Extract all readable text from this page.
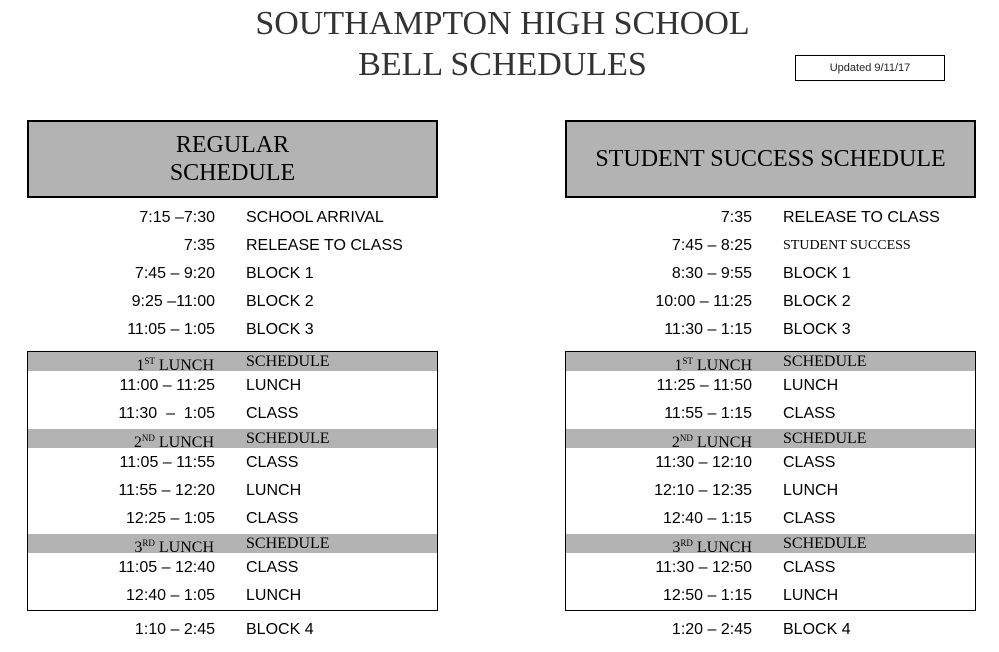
SOUTHAMPTON HIGH SCHOOL
BELL SCHEDULES	Updated 9/11/17
REGULAR
SCHEDULE
STUDENT SUCCESS SCHEDULE
7:15 –7:30 SCHOOL ARRIVAL
7:35 RELEASE TO CLASS
7:45 – 9:20 BLOCK 1
9:25 –11:00 BLOCK 2
11:05 – 1:05 BLOCK 3
1ST LUNCH SCHEDULE
11:00 – 11:25 LUNCH
11:30  –  1:05 CLASS
2ND LUNCH SCHEDULE
11:05 – 11:55 CLASS
11:55 – 12:20 LUNCH
12:25 – 1:05 CLASS
3RD LUNCH SCHEDULE
11:05 – 12:40 CLASS
12:40 – 1:05 LUNCH
1:10 – 2:45 BLOCK 4
7:35 RELEASE TO CLASS
7:45 – 8:25 STUDENT SUCCESS
8:30 – 9:55 BLOCK 1
10:00 – 11:25 BLOCK 2
11:30 – 1:15 BLOCK 3
1ST LUNCH SCHEDULE
11:25 – 11:50 LUNCH
11:55 – 1:15 CLASS
2ND LUNCH SCHEDULE
11:30 – 12:10 CLASS
12:10 – 12:35 LUNCH
12:40 – 1:15 CLASS
3RD LUNCH SCHEDULE
11:30 – 12:50 CLASS
12:50 – 1:15 LUNCH
1:20 – 2:45 BLOCK 4
